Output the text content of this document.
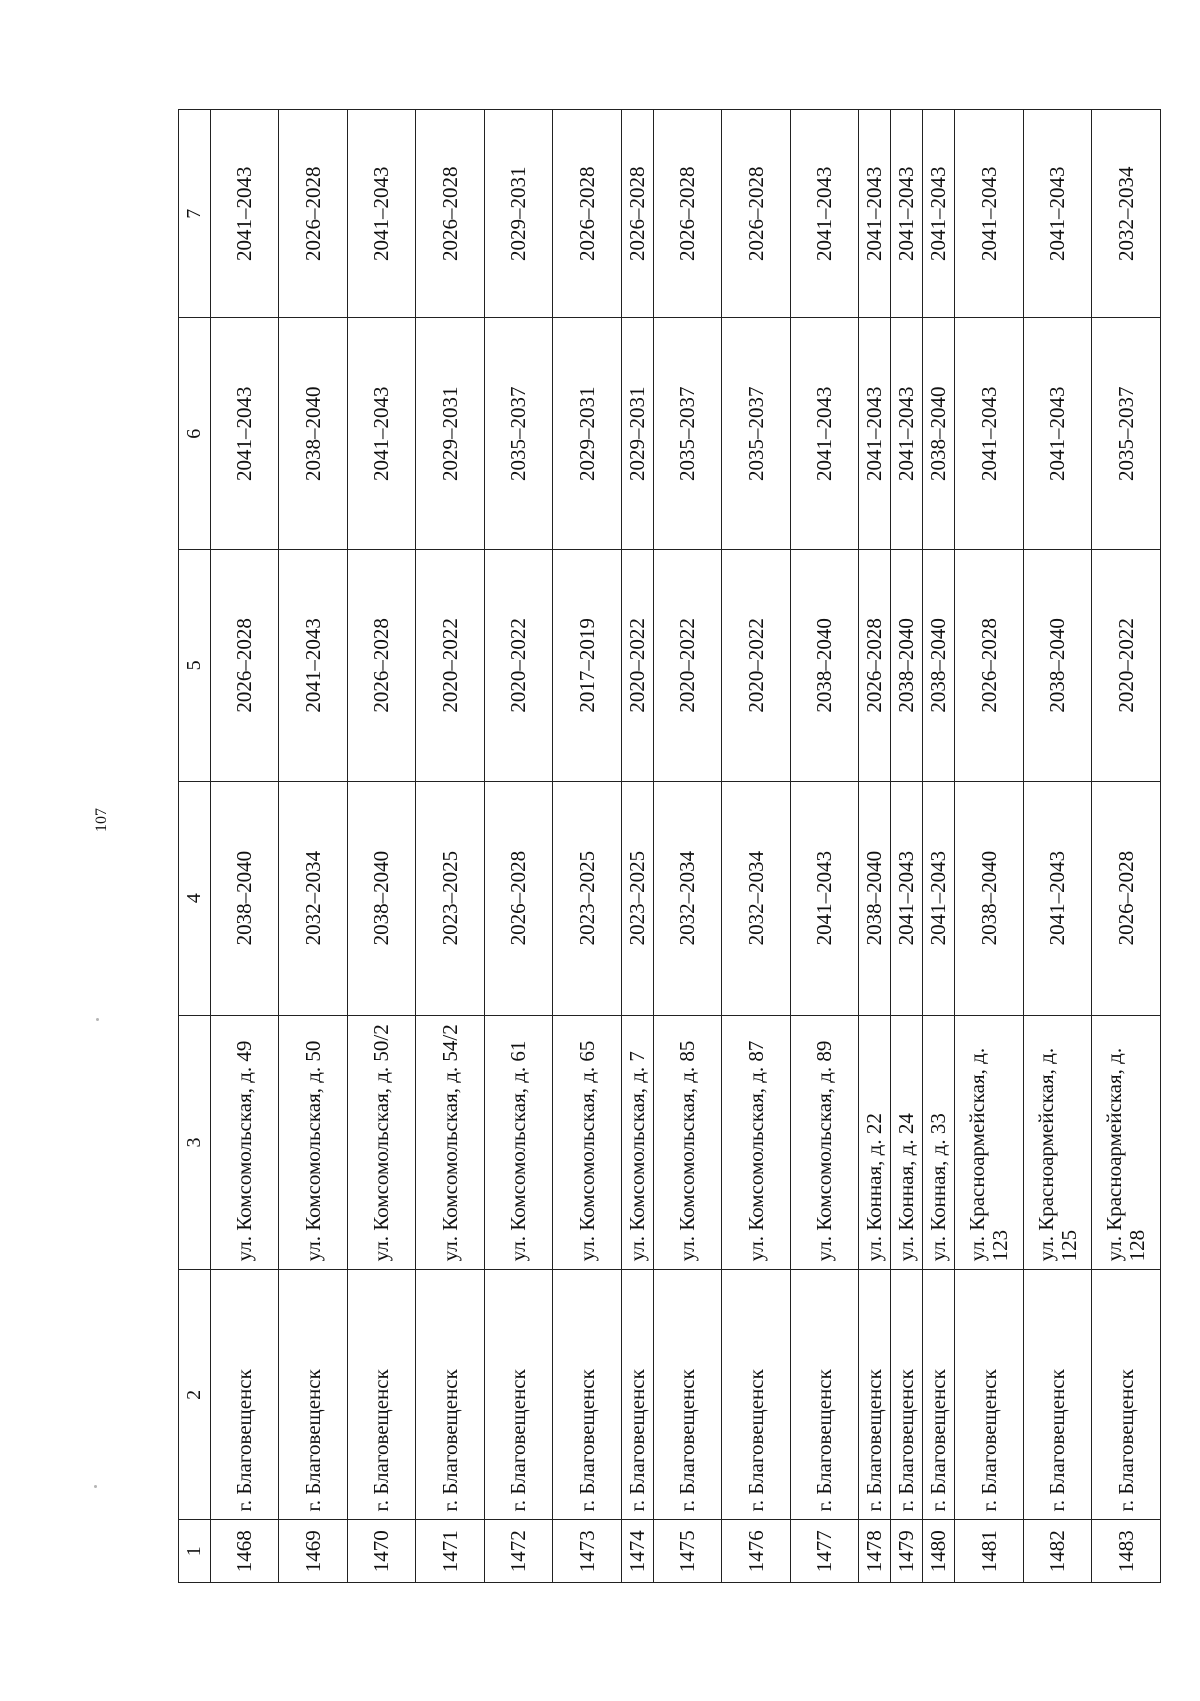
107
1	2	3	4	5	6	7
1468	г. Благовещенск	ул. Комсомольская, д. 49	2038–2040	2026–2028	2041–2043	2041–2043
1469	г. Благовещенск	ул. Комсомольская, д. 50	2032–2034	2041–2043	2038–2040	2026–2028
1470	г. Благовещенск	ул. Комсомольская, д. 50/2	2038–2040	2026–2028	2041–2043	2041–2043
1471	г. Благовещенск	ул. Комсомольская, д. 54/2	2023–2025	2020–2022	2029–2031	2026–2028
1472	г. Благовещенск	ул. Комсомольская, д. 61	2026–2028	2020–2022	2035–2037	2029–2031
1473	г. Благовещенск	ул. Комсомольская, д. 65	2023–2025	2017–2019	2029–2031	2026–2028
1474	г. Благовещенск	ул. Комсомольская, д. 7	2023–2025	2020–2022	2029–2031	2026–2028
1475	г. Благовещенск	ул. Комсомольская, д. 85	2032–2034	2020–2022	2035–2037	2026–2028
1476	г. Благовещенск	ул. Комсомольская, д. 87	2032–2034	2020–2022	2035–2037	2026–2028
1477	г. Благовещенск	ул. Комсомольская, д. 89	2041–2043	2038–2040	2041–2043	2041–2043
1478	г. Благовещенск	ул. Конная, д. 22	2038–2040	2026–2028	2041–2043	2041–2043
1479	г. Благовещенск	ул. Конная, д. 24	2041–2043	2038–2040	2041–2043	2041–2043
1480	г. Благовещенск	ул. Конная, д. 33	2041–2043	2038–2040	2038–2040	2041–2043
1481	г. Благовещенск	ул. Красноармейская, д. 123	2038–2040	2026–2028	2041–2043	2041–2043
1482	г. Благовещенск	ул. Красноармейская, д. 125	2041–2043	2038–2040	2041–2043	2041–2043
1483	г. Благовещенск	ул. Красноармейская, д. 128	2026–2028	2020–2022	2035–2037	2032–2034
